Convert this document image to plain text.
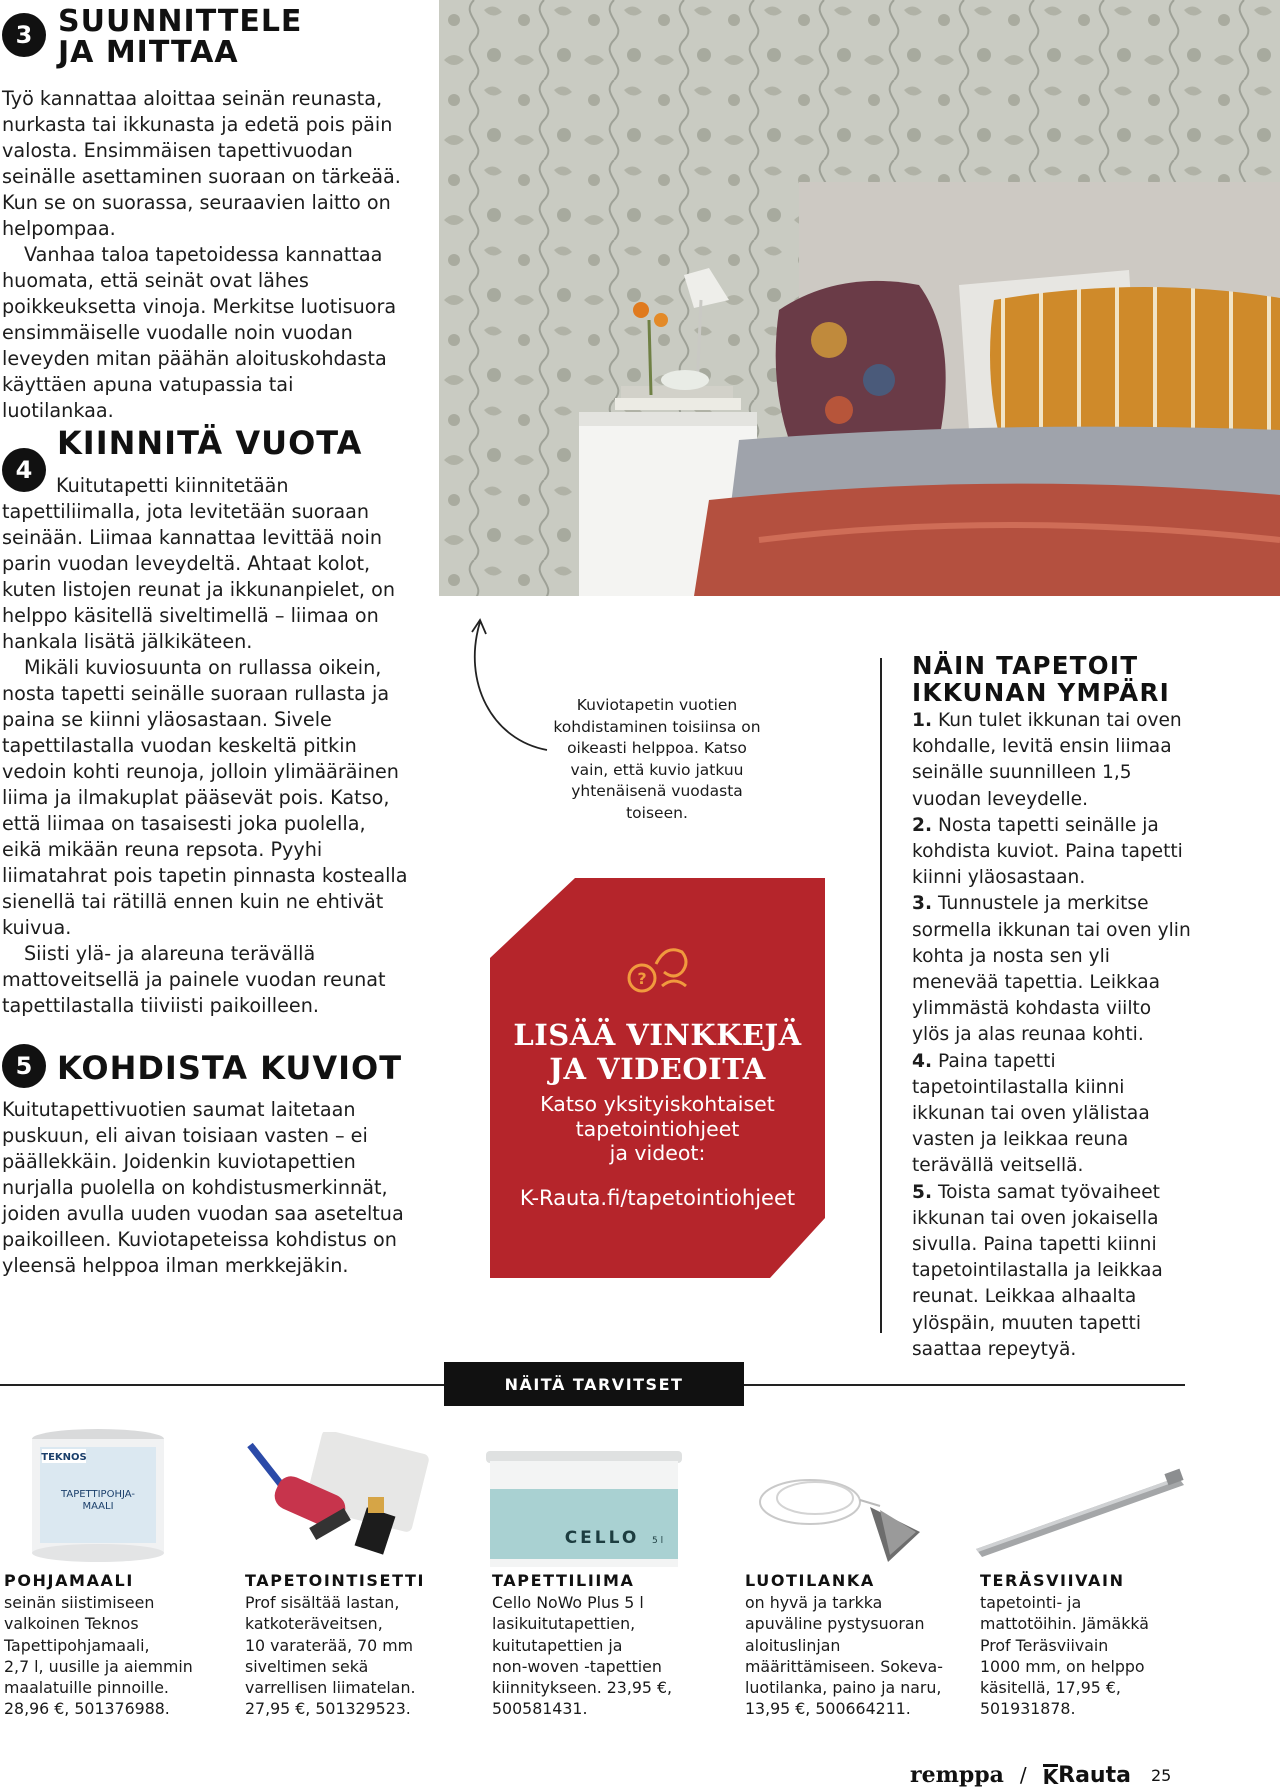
3 SUUNNITTELE
JA MITTAA

Työ kannattaa aloittaa seinän reunasta, nurkasta tai ikkunasta ja edetä pois päin valosta. Ensimmäisen tapettivuodan seinälle asettaminen suoraan on tärkeää. Kun se on suorassa, seuraavien laitto on helpompaa.

Vanhaa taloa tapetoidessa kannattaa huomata, että seinät ovat lähes poikkeuksetta vinoja. Merkitse luotisuora ensimmäiselle vuodalle noin vuodan leveyden mitan päähän aloituskohdasta käyttäen apuna vatupassia tai luotilankaa.

4
KIINNITÄ VUOTA

Kuitutapetti kiinnitetään tapettiliimalla, jota levitetään suoraan seinään. Liimaa kannattaa levittää noin parin vuodan leveydeltä. Ahtaat kolot, kuten listojen reunat ja ikkunanpielet, on helppo käsitellä siveltimellä – liimaa on hankala lisätä jälkikäteen.

Mikäli kuviosuunta on rullassa oikein, nosta tapetti seinälle suoraan rullasta ja paina se kiinni yläosastaan. Sivele tapettilastalla vuodan keskeltä pitkin vedoin kohti reunoja, jolloin ylimääräinen liima ja ilmakuplat pääsevät pois. Katso, että liimaa on tasaisesti joka puolella, eikä mikään reuna repsota. Pyyhi liimatahrat pois tapetin pinnasta kostealla sienellä tai rätillä ennen kuin ne ehtivät kuivua.

Siisti ylä- ja alareuna terävällä mattoveitsellä ja painele vuodan reunat tapettilastalla tiiviisti paikoilleen.

5 KOHDISTA KUVIOT

Kuitutapettivuotien saumat laitetaan puskuun, eli aivan toisiaan vasten – ei päällekkäin. Joidenkin kuviotapettien nurjalla puolella on kohdistusmerkinnät, joiden avulla uuden vuodan saa aseteltua paikoilleen. Kuviotapeteissa kohdistus on yleensä helppoa ilman merkkejäkin.

Kuviotapetin vuotien kohdistaminen toisiinsa on oikeasti helppoa. Katso vain, että kuvio jatkuu yhtenäisenä vuodasta toiseen.
?
LISÄÄ VINKKEJÄ
JA VIDEOITA
Katso yksityiskohtaiset
tapetointiohjeet
ja videot:
K-Rauta.fi/tapetointiohjeet
NÄIN TAPETOIT
IKKUNAN YMPÄRI
1. Kun tulet ikkunan tai oven kohdalle, levitä ensin liimaa seinälle suunnilleen 1,5 vuodan leveydelle.
2. Nosta tapetti seinälle ja kohdista kuviot. Paina tapetti kiinni yläosastaan.
3. Tunnustele ja merkitse sormella ikkunan tai oven ylin kohta ja nosta sen yli menevää tapettia. Leikkaa ylimmästä kohdasta viilto ylös ja alas reunaa kohti.
4. Paina tapetti tapetointilastalla kiinni ikkunan tai oven ylälistaa vasten ja leikkaa reuna terävällä veitsellä.
5. Toista samat työvaiheet ikkunan tai oven jokaisella sivulla. Paina tapetti kiinni tapetointilastalla ja leikkaa reunat. Leikkaa alhaalta ylöspäin, muuten tapetti saattaa repeytyä.
NÄITÄ TARVITSET
TEKNOS
TAPETTIPOHJA-
MAALI
CELLO 5 l
POHJAMAALI
seinän siistimiseen
valkoinen Teknos
Tapettipohjamaali,
2,7 l, uusille ja aiemmin
maalatuille pinnoille.
28,96 €, 501376988.
TAPETOINTISETTI
Prof sisältää lastan,
katkoteräveitsen,
10 varaterää, 70 mm
siveltimen sekä
varrellisen liimatelan.
27,95 €, 501329523.
TAPETTILIIMA
Cello NoWo Plus 5 l
lasikuitutapettien,
kuitutapettien ja
non-woven -tapettien
kiinnitykseen. 23,95 €,
500581431.
LUOTILANKA
on hyvä ja tarkka
apuväline pystysuoran
aloituslinjan
määrittämiseen. Sokeva-
luotilanka, paino ja naru,
13,95 €, 500664211.
TERÄSVIIVAIN
tapetointi- ja
mattotöihin. Jämäkkä
Prof Teräsviivain
1000 mm, on helppo
käsitellä, 17,95 €,
501931878.
remppa / K Rauta 25
